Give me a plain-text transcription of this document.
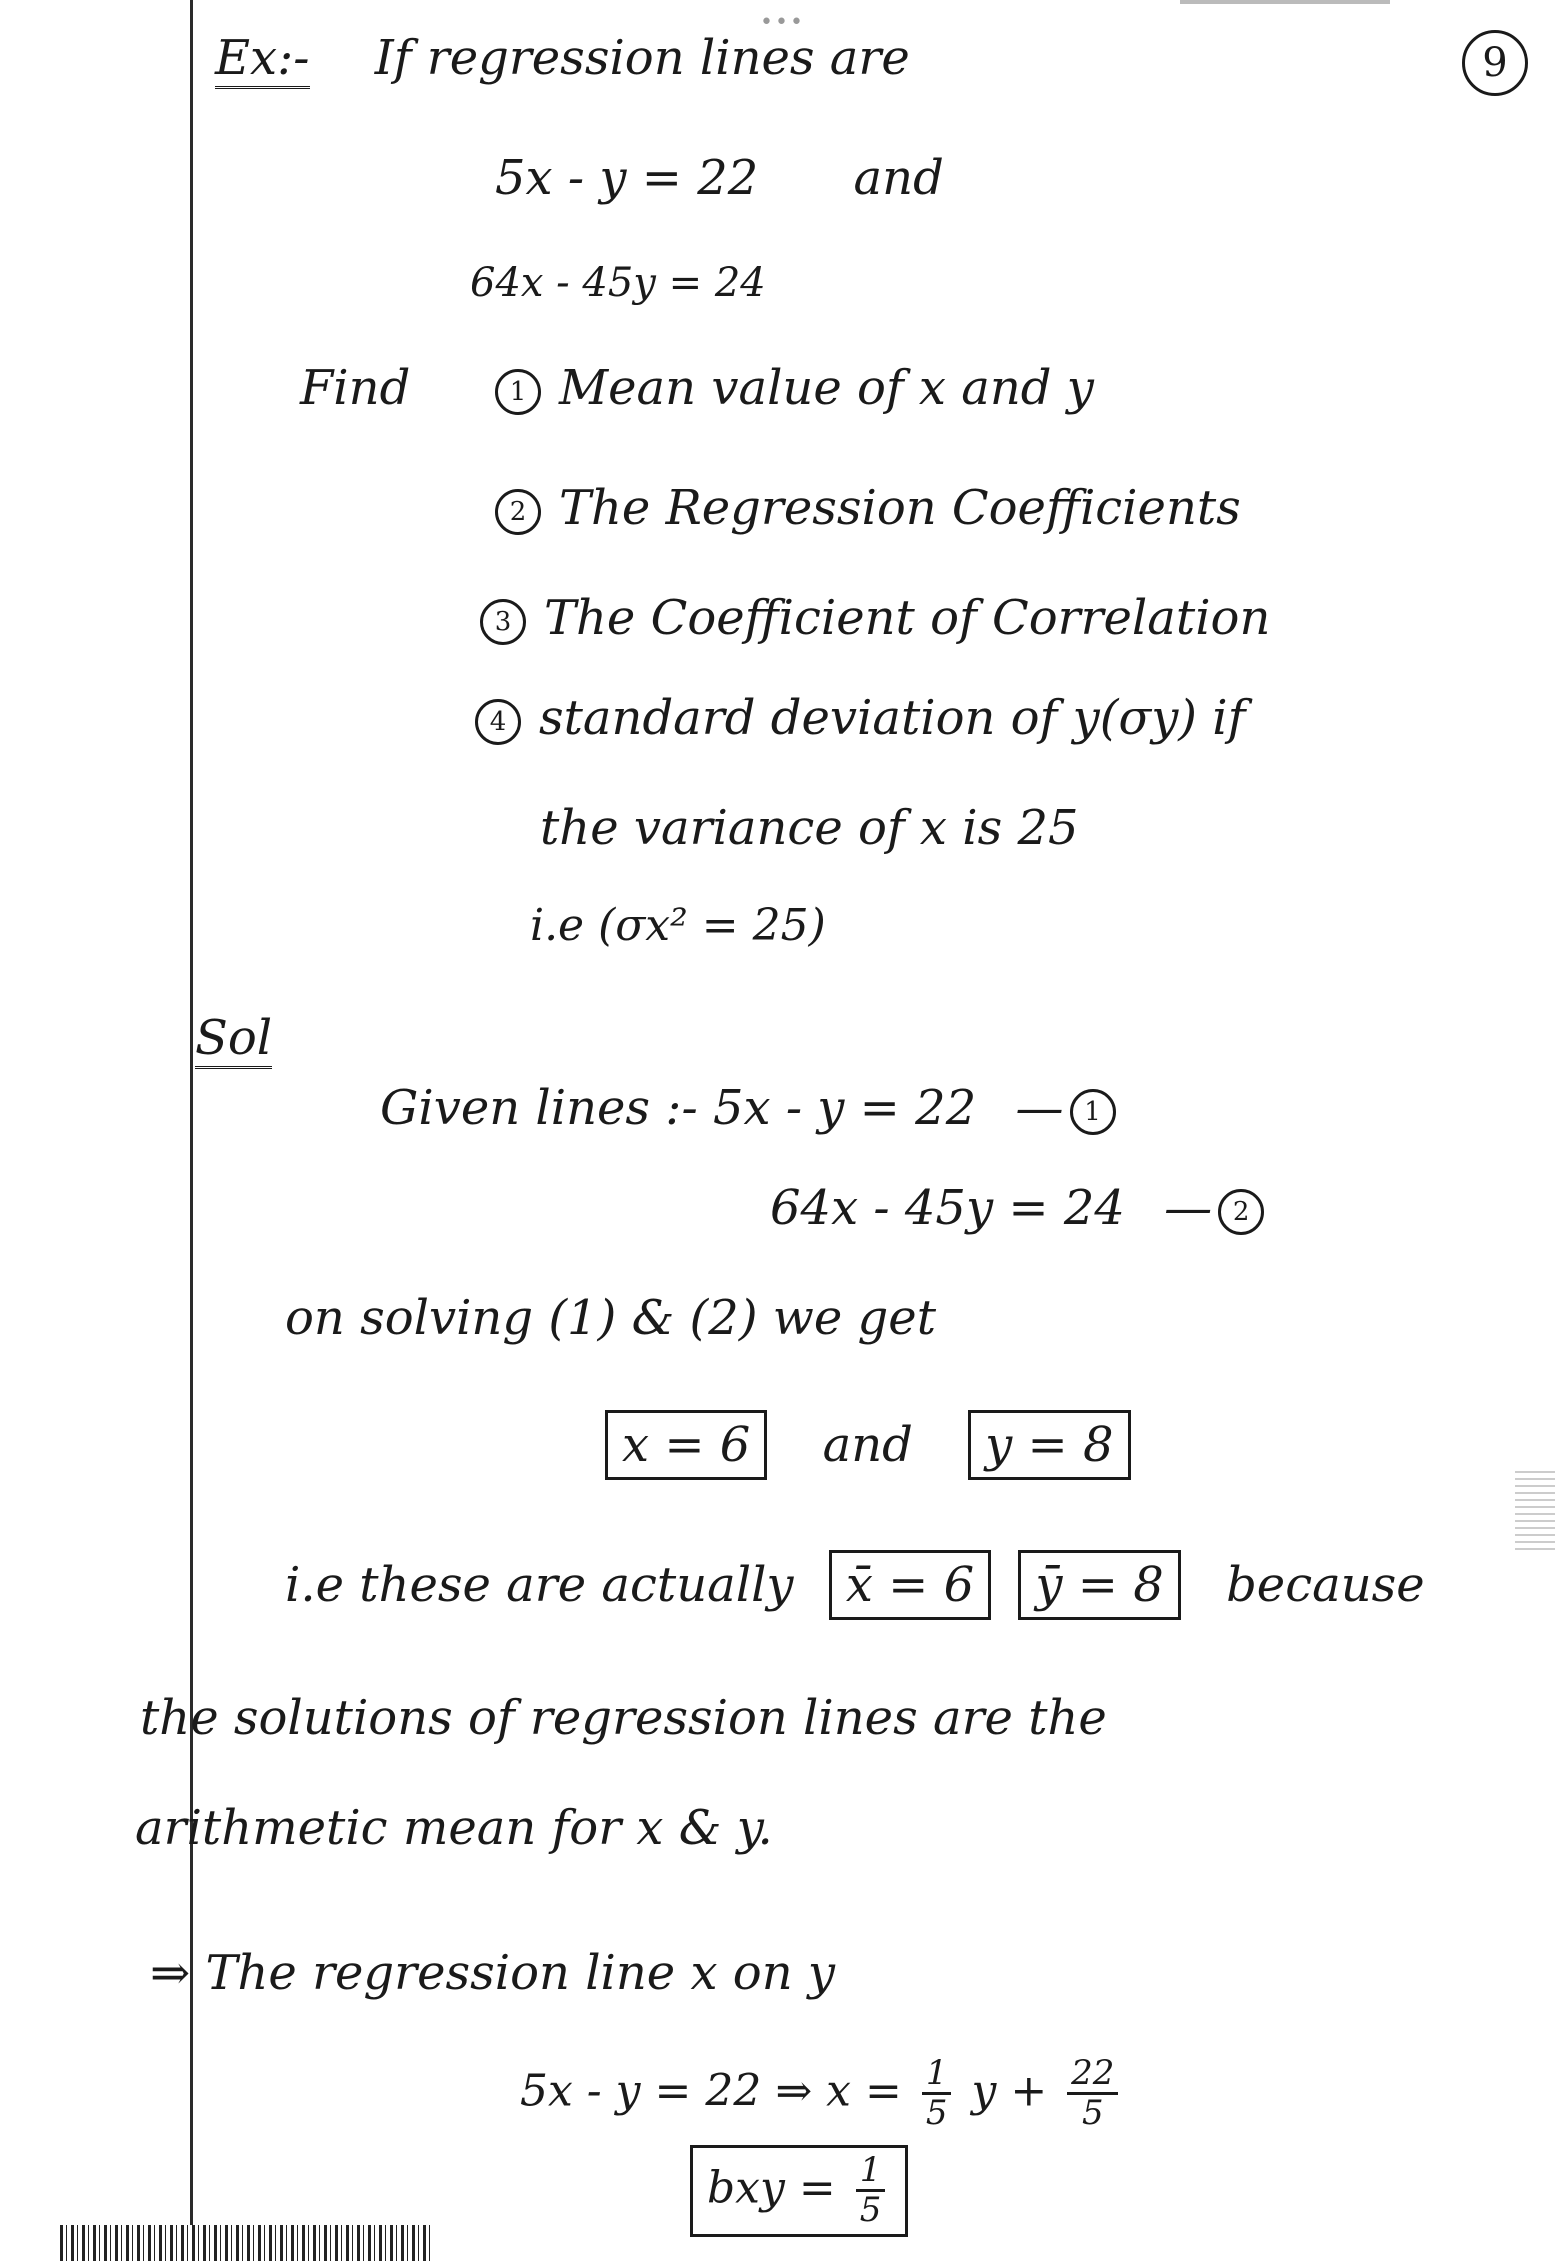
•••
9
Ex:- If regression lines are
5x - y = 22 and
64x - 45y = 24
Find	1 Mean value of x and y
2 The Regression Coefficients
3 The Coefficient of Correlation
4 standard deviation of y(σy) if
the variance of x is 25
i.e (σx² = 25)
Sol
Given lines :- 5x - y = 22 — 1
64x - 45y = 24 — 2
on solving (1) & (2) we get
x = 6 and y = 8
i.e these are actually x̄ = 6 ȳ = 8 because
the solutions of regression lines are the
arithmetic mean for x & y.
⇒ The regression line x on y
5x - y = 22 ⇒ $x = \frac{1}{5}$ $y + \frac{22}{5}$
bxy = $\frac{1}{5}$
